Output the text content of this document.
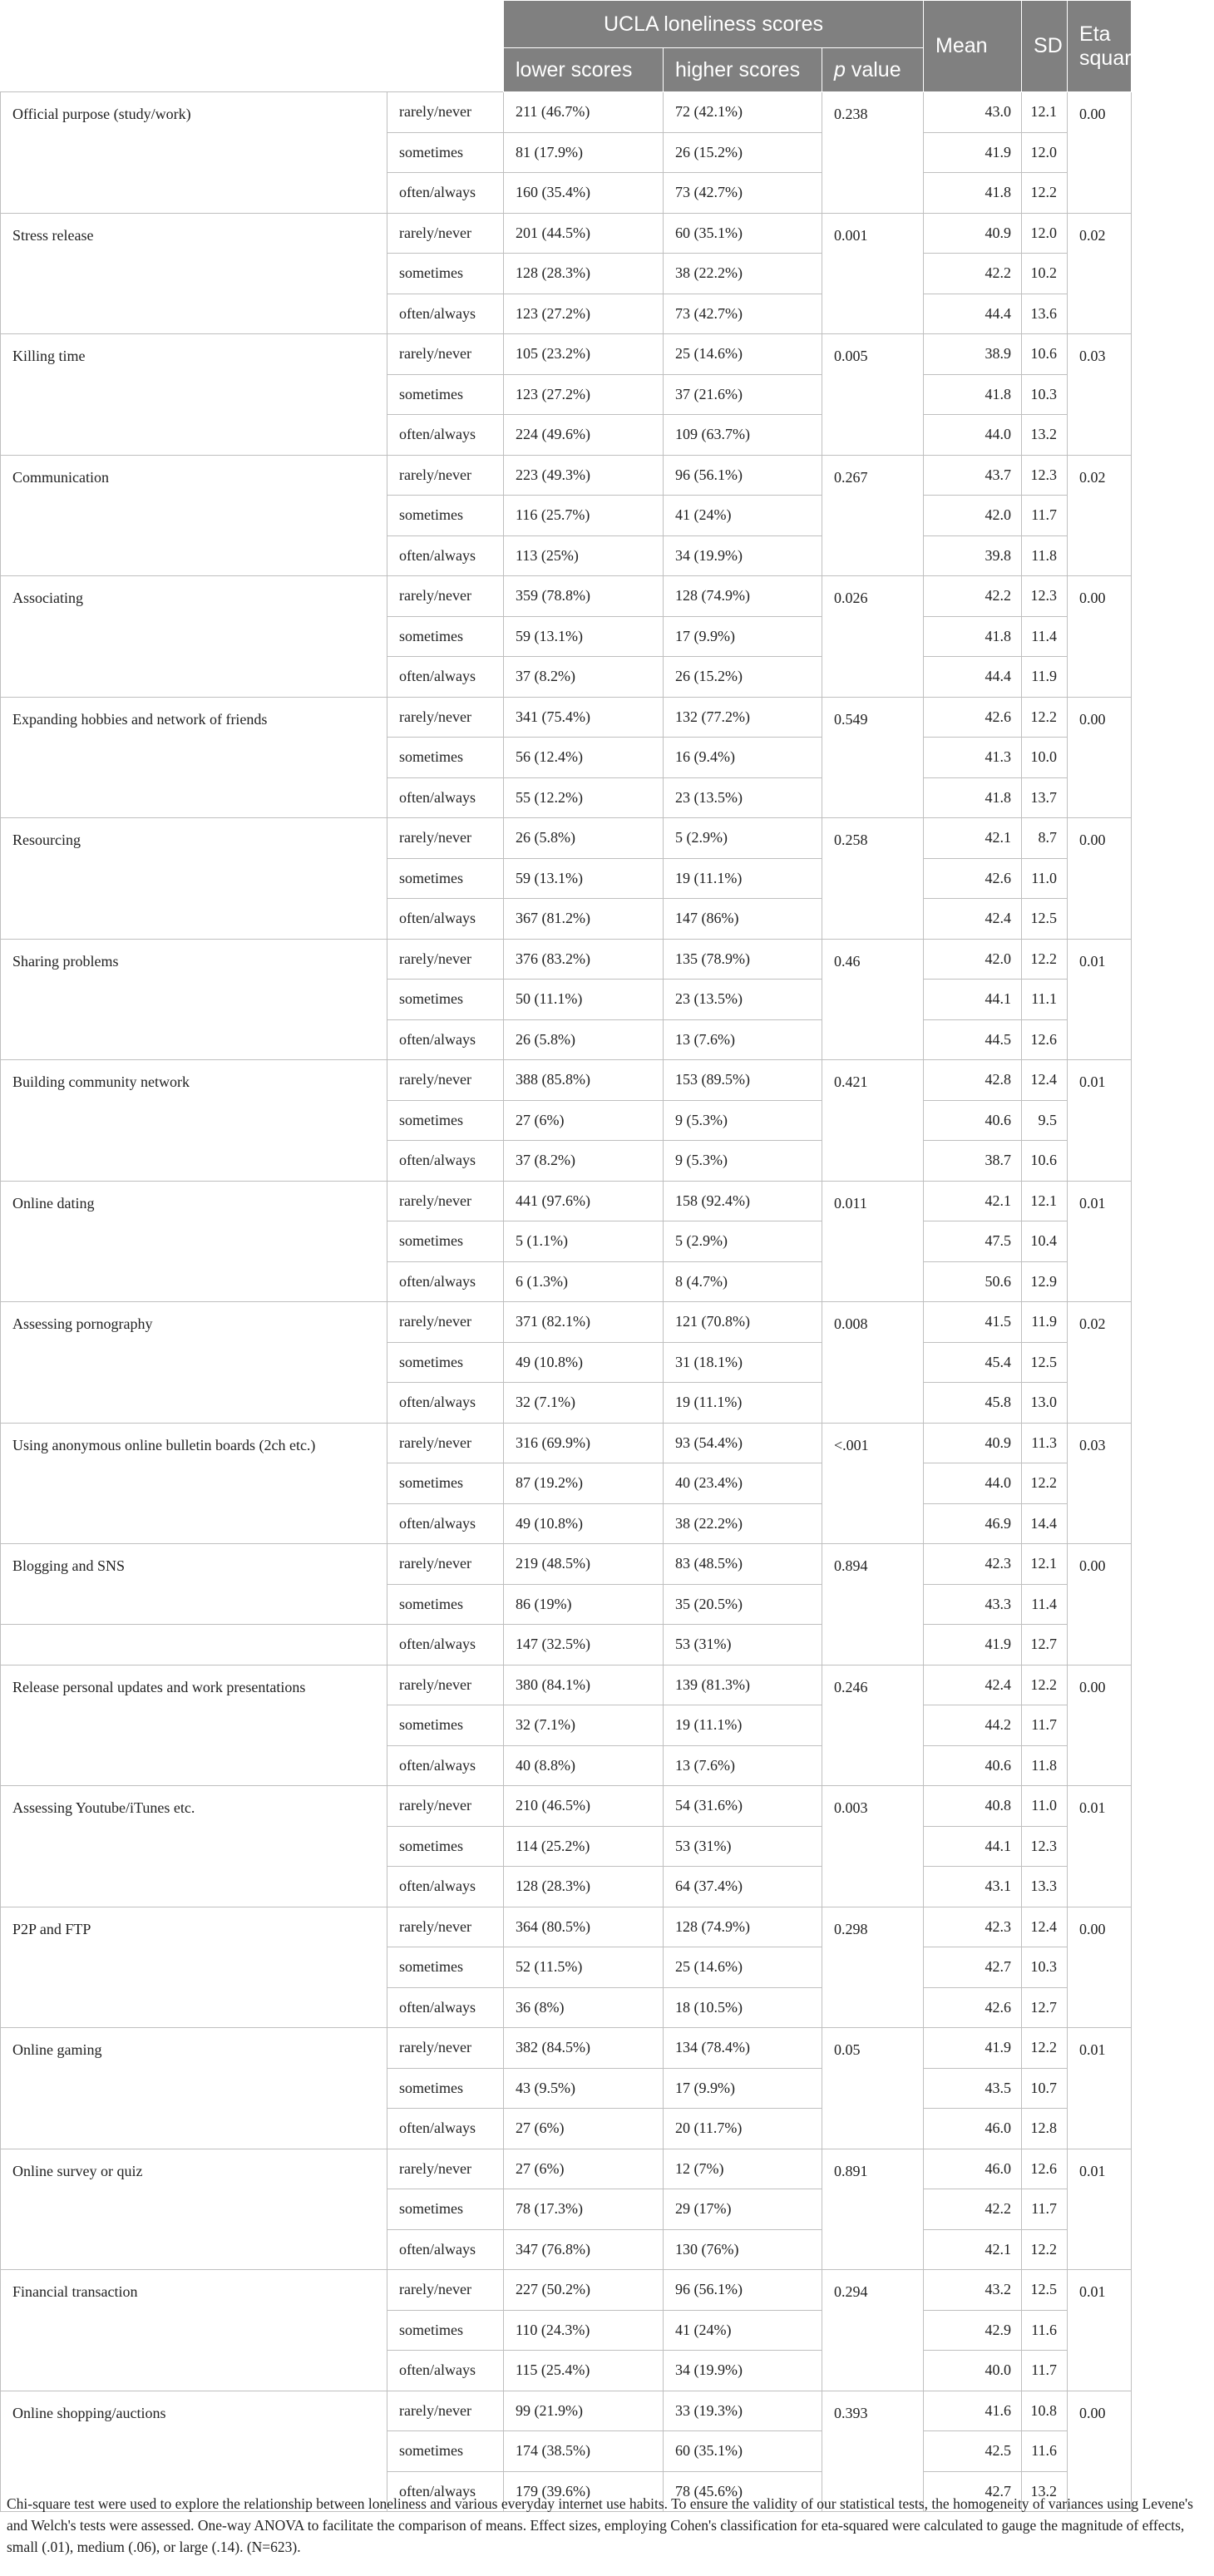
		UCLA loneliness scores			Mean	SD	Eta squared
		lower scores	higher scores	p value			
Official purpose (study/work)	rarely/never	211 (46.7%)	72 (42.1%)	0.238	43.0	12.1	0.00
	sometimes	81 (17.9%)	26 (15.2%)		41.9	12.0	
	often/always	160 (35.4%)	73 (42.7%)		41.8	12.2	
Stress release	rarely/never	201 (44.5%)	60 (35.1%)	0.001	40.9	12.0	0.02
	sometimes	128 (28.3%)	38 (22.2%)		42.2	10.2	
	often/always	123 (27.2%)	73 (42.7%)		44.4	13.6	
Killing time	rarely/never	105 (23.2%)	25 (14.6%)	0.005	38.9	10.6	0.03
	sometimes	123 (27.2%)	37 (21.6%)		41.8	10.3	
	often/always	224 (49.6%)	109 (63.7%)		44.0	13.2	
Communication	rarely/never	223 (49.3%)	96 (56.1%)	0.267	43.7	12.3	0.02
	sometimes	116 (25.7%)	41 (24%)		42.0	11.7	
	often/always	113 (25%)	34 (19.9%)		39.8	11.8	
Associating	rarely/never	359 (78.8%)	128 (74.9%)	0.026	42.2	12.3	0.00
	sometimes	59 (13.1%)	17 (9.9%)		41.8	11.4	
	often/always	37 (8.2%)	26 (15.2%)		44.4	11.9	
Expanding hobbies and network of friends	rarely/never	341 (75.4%)	132 (77.2%)	0.549	42.6	12.2	0.00
	sometimes	56 (12.4%)	16 (9.4%)		41.3	10.0	
	often/always	55 (12.2%)	23 (13.5%)		41.8	13.7	
Resourcing	rarely/never	26 (5.8%)	5 (2.9%)	0.258	42.1	8.7	0.00
	sometimes	59 (13.1%)	19 (11.1%)		42.6	11.0	
	often/always	367 (81.2%)	147 (86%)		42.4	12.5	
Sharing problems	rarely/never	376 (83.2%)	135 (78.9%)	0.46	42.0	12.2	0.01
	sometimes	50 (11.1%)	23 (13.5%)		44.1	11.1	
	often/always	26 (5.8%)	13 (7.6%)		44.5	12.6	
Building community network	rarely/never	388 (85.8%)	153 (89.5%)	0.421	42.8	12.4	0.01
	sometimes	27 (6%)	9 (5.3%)		40.6	9.5	
	often/always	37 (8.2%)	9 (5.3%)		38.7	10.6	
Online dating	rarely/never	441 (97.6%)	158 (92.4%)	0.011	42.1	12.1	0.01
	sometimes	5 (1.1%)	5 (2.9%)		47.5	10.4	
	often/always	6 (1.3%)	8 (4.7%)		50.6	12.9	
Assessing pornography	rarely/never	371 (82.1%)	121 (70.8%)	0.008	41.5	11.9	0.02
	sometimes	49 (10.8%)	31 (18.1%)		45.4	12.5	
	often/always	32 (7.1%)	19 (11.1%)		45.8	13.0	
Using anonymous online bulletin boards (2ch etc.)	rarely/never	316 (69.9%)	93 (54.4%)	<.001	40.9	11.3	0.03
	sometimes	87 (19.2%)	40 (23.4%)		44.0	12.2	
	often/always	49 (10.8%)	38 (22.2%)		46.9	14.4	
Blogging and SNS	rarely/never	219 (48.5%)	83 (48.5%)	0.894	42.3	12.1	0.00
	sometimes	86 (19%)	35 (20.5%)		43.3	11.4	
	often/always	147 (32.5%)	53 (31%)		41.9	12.7	
Release personal updates and work presentations	rarely/never	380 (84.1%)	139 (81.3%)	0.246	42.4	12.2	0.00
	sometimes	32 (7.1%)	19 (11.1%)		44.2	11.7	
	often/always	40 (8.8%)	13 (7.6%)		40.6	11.8	
Assessing Youtube/iTunes etc.	rarely/never	210 (46.5%)	54 (31.6%)	0.003	40.8	11.0	0.01
	sometimes	114 (25.2%)	53 (31%)		44.1	12.3	
	often/always	128 (28.3%)	64 (37.4%)		43.1	13.3	
P2P and FTP	rarely/never	364 (80.5%)	128 (74.9%)	0.298	42.3	12.4	0.00
	sometimes	52 (11.5%)	25 (14.6%)		42.7	10.3	
	often/always	36 (8%)	18 (10.5%)		42.6	12.7	
Online gaming	rarely/never	382 (84.5%)	134 (78.4%)	0.05	41.9	12.2	0.01
	sometimes	43 (9.5%)	17 (9.9%)		43.5	10.7	
	often/always	27 (6%)	20 (11.7%)		46.0	12.8	
Online survey or quiz	rarely/never	27 (6%)	12 (7%)	0.891	46.0	12.6	0.01
	sometimes	78 (17.3%)	29 (17%)		42.2	11.7	
	often/always	347 (76.8%)	130 (76%)		42.1	12.2	
Financial transaction	rarely/never	227 (50.2%)	96 (56.1%)	0.294	43.2	12.5	0.01
	sometimes	110 (24.3%)	41 (24%)		42.9	11.6	
	often/always	115 (25.4%)	34 (19.9%)		40.0	11.7	
Online shopping/auctions	rarely/never	99 (21.9%)	33 (19.3%)	0.393	41.6	10.8	0.00
	sometimes	174 (38.5%)	60 (35.1%)		42.5	11.6	
	often/always	179 (39.6%)	78 (45.6%)		42.7	13.2	
Chi-square test were used to explore the relationship between loneliness and various everyday internet use habits. To ensure the validity of our statistical tests, the homogeneity of variances using Levene's and Welch's tests were assessed. One-way ANOVA to facilitate the comparison of means. Effect sizes, employing Cohen's classification for eta-squared were calculated to gauge the magnitude of effects, small (.01), medium (.06), or large (.14). (N=623).
